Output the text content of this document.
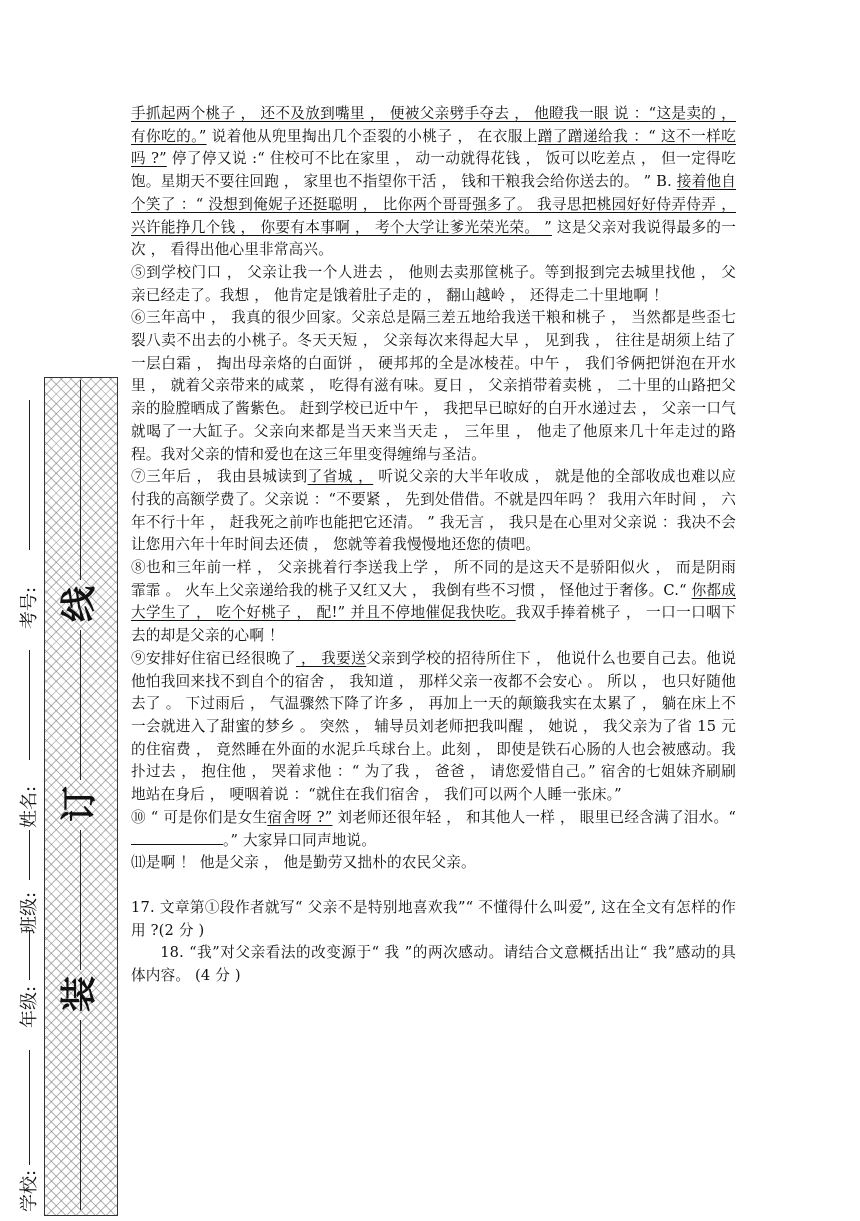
线
订
装
考号:
姓名:
班级:
年级:
学校:

手抓起两个桃子 ， 还不及放到嘴里 ， 便被父亲劈手夺去 ， 他瞪我一眼 说 ：“这是卖的 ， 有你吃的。” 说着他从兜里掏出几个歪裂的小桃子 ， 在衣服上蹭了蹭递给我 ：“ 这不一样吃吗 ?” 停了停又说 :“ 住校可不比在家里 ， 动一动就得花钱 ， 饭可以吃差点 ， 但一定得吃饱。星期天不要往回跑 ， 家里也不指望你干活 ， 钱和干粮我会给你送去的。 ” B. 接着他自个笑了 ：“ 没想到俺妮子还挺聪明 ， 比你两个哥哥强多了。 我寻思把桃园好好侍弄侍弄 ， 兴许能挣几个钱 ， 你要有本事啊 ， 考个大学让爹光荣光荣。 ” 这是父亲对我说得最多的一次 ， 看得出他心里非常高兴。

⑤到学校门口 ， 父亲让我一个人进去 ， 他则去卖那筐桃子。等到报到完去城里找他 ， 父亲已经走了。我想 ， 他肯定是饿着肚子走的 ， 翻山越岭 ， 还得走二十里地啊 ！

⑥三年高中 ， 我真的很少回家。父亲总是隔三差五地给我送干粮和桃子 ， 当然都是些歪七裂八卖不出去的小桃子。冬天天短 ， 父亲每次来得起大早 ， 见到我 ， 往往是胡须上结了一层白霜 ， 掏出母亲烙的白面饼 ， 硬邦邦的全是冰棱茬。中午 ， 我们爷俩把饼泡在开水里 ， 就着父亲带来的咸菜 ， 吃得有滋有味。夏日 ， 父亲捎带着卖桃 ， 二十里的山路把父亲的脸膛晒成了酱紫色。 赶到学校已近中午 ， 我把早已晾好的白开水递过去 ， 父亲一口气就喝了一大缸子。父亲向来都是当天来当天走 ， 三年里 ， 他走了他原来几十年走过的路程。我对父亲的情和爱也在这三年里变得缠绵与圣洁。

⑦三年后 ， 我由县城读到了省城 ， 听说父亲的大半年收成 ， 就是他的全部收成也难以应付我的高额学费了。父亲说 ：“不要紧 ， 先到处借借。不就是四年吗 ？ 我用六年时间 ， 六年不行十年 ， 赶我死之前咋也能把它还清。 ” 我无言 ， 我只是在心里对父亲说 ：我决不会让您用六年十年时间去还债 ， 您就等着我慢慢地还您的债吧。

⑧也和三年前一样 ， 父亲挑着行李送我上学 ， 所不同的是这天不是骄阳似火 ， 而是阴雨霏霏 。 火车上父亲递给我的桃子又红又大 ， 我倒有些不习惯 ， 怪他过于奢侈。C.“ 你都成大学生了 ， 吃个好桃子 ， 配!” 并且不停地催促我快吃。我双手捧着桃子 ， 一口一口咽下去的却是父亲的心啊 ！

⑨安排好住宿已经很晚了 ， 我要送父亲到学校的招待所住下 ， 他说什么也要自己去。他说他怕我回来找不到自个的宿舍 ， 我知道 ， 那样父亲一夜都不会安心 。 所以 ， 也只好随他去了 。 下过雨后 ， 气温骤然下降了许多 ， 再加上一天的颠簸我实在太累了 ， 躺在床上不一会就进入了甜蜜的梦乡 。 突然 ， 辅导员刘老师把我叫醒 ， 她说 ， 我父亲为了省 15 元的住宿费 ， 竟然睡在外面的水泥乒乓球台上。此刻 ， 即使是铁石心肠的人也会被感动。我扑过去 ， 抱住他 ， 哭着求他 ：“ 为了我 ， 爸爸 ， 请您爱惜自己。” 宿舍的七姐妹齐刷刷地站在身后 ， 哽咽着说 ：“就住在我们宿舍 ， 我们可以两个人睡一张床。”

⑩ “ 可是你们是女生宿舍呀 ?” 刘老师还很年轻 ， 和其他人一样 ， 眼里已经含满了泪水。“。” 大家异口同声地说。

⑾是啊 ！ 他是父亲 ， 他是勤劳又拙朴的农民父亲。

17. 文章第①段作者就写“ 父亲不是特别地喜欢我”“ 不懂得什么叫爱”, 这在全文有怎样的作用 ?(2 分 )

18. “我”对父亲看法的改变源于“ 我 ”的两次感动。请结合文意概括出让“ 我”感动的具体内容。 (4 分 )
